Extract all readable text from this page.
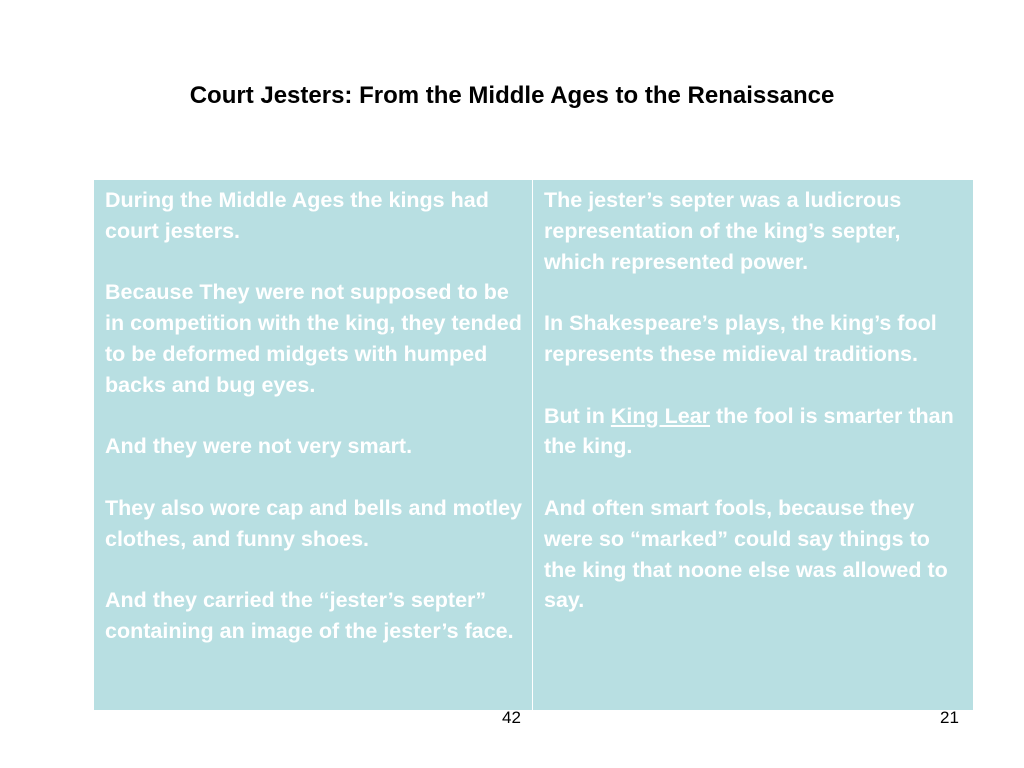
Court Jesters: From the Middle Ages to the Renaissance

During the Middle Ages the kings had court jesters.

Because They were not supposed to be in competition with the king, they tended to be deformed midgets with humped backs and bug eyes.

And they were not very smart.

They also wore cap and bells and motley clothes, and funny shoes.

And they carried the “jester’s septer” containing an image of the jester’s face.

The jester’s septer was a ludicrous representation of the king’s septer, which represented power.

In Shakespeare’s plays, the king’s fool represents these midieval traditions.

But in King Lear the fool is smarter than the king.

And often smart fools, because they were so “marked” could say things to the king that noone else was allowed to say.

42	21
